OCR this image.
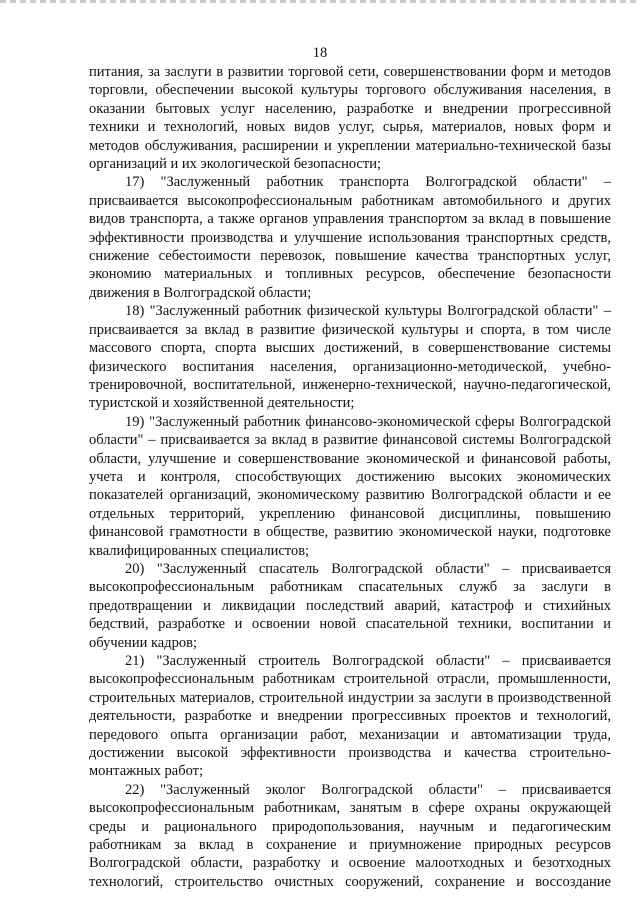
18

питания, за заслуги в развитии торговой сети, совершенствовании форм и методов торговли, обеспечении высокой культуры торгового обслуживания населения, в оказании бытовых услуг населению, разработке и внедрении прогрессивной техники и технологий, новых видов услуг, сырья, материалов, новых форм и методов обслуживания, расширении и укреплении материально-технической базы организаций и их экологической безопасности;

17) "Заслуженный работник транспорта Волгоградской области" – присваивается высокопрофессиональным работникам автомобильного и других видов транспорта, а также органов управления транспортом за вклад в повышение эффективности производства и улучшение использования транспортных средств, снижение себестоимости перевозок, повышение качества транспортных услуг, экономию материальных и топливных ресурсов, обеспечение безопасности движения в Волгоградской области;

18) "Заслуженный работник физической культуры Волгоградской области" – присваивается за вклад в развитие физической культуры и спорта, в том числе массового спорта, спорта высших достижений, в совершенствование системы физического воспитания населения, организационно-методической, учебно-тренировочной, воспитательной, инженерно-технической, научно-педагогической, туристской и хозяйственной деятельности;

19) "Заслуженный работник финансово-экономической сферы Волгоградской области" – присваивается за вклад в развитие финансовой системы Волгоградской области, улучшение и совершенствование экономической и финансовой работы, учета и контроля, способствующих достижению высоких экономических показателей организаций, экономическому развитию Волгоградской области и ее отдельных территорий, укреплению финансовой дисциплины, повышению финансовой грамотности в обществе, развитию экономической науки, подготовке квалифицированных специалистов;

20) "Заслуженный спасатель Волгоградской области" – присваивается высокопрофессиональным работникам спасательных служб за заслуги в предотвращении и ликвидации последствий аварий, катастроф и стихийных бедствий, разработке и освоении новой спасательной техники, воспитании и обучении кадров;

21) "Заслуженный строитель Волгоградской области" – присваивается высокопрофессиональным работникам строительной отрасли, промышленности, строительных материалов, строительной индустрии за заслуги в производственной деятельности, разработке и внедрении прогрессивных проектов и технологий, передового опыта организации работ, механизации и автоматизации труда, достижении высокой эффективности производства и качества строительно-монтажных работ;

22) "Заслуженный эколог Волгоградской области" – присваивается высокопрофессиональным работникам, занятым в сфере охраны окружающей среды и рационального природопользования, научным и педагогическим работникам за вклад в сохранение и приумножение природных ресурсов Волгоградской области, разработку и освоение малоотходных и безотходных технологий, строительство очистных сооружений, сохранение и воссоздание
